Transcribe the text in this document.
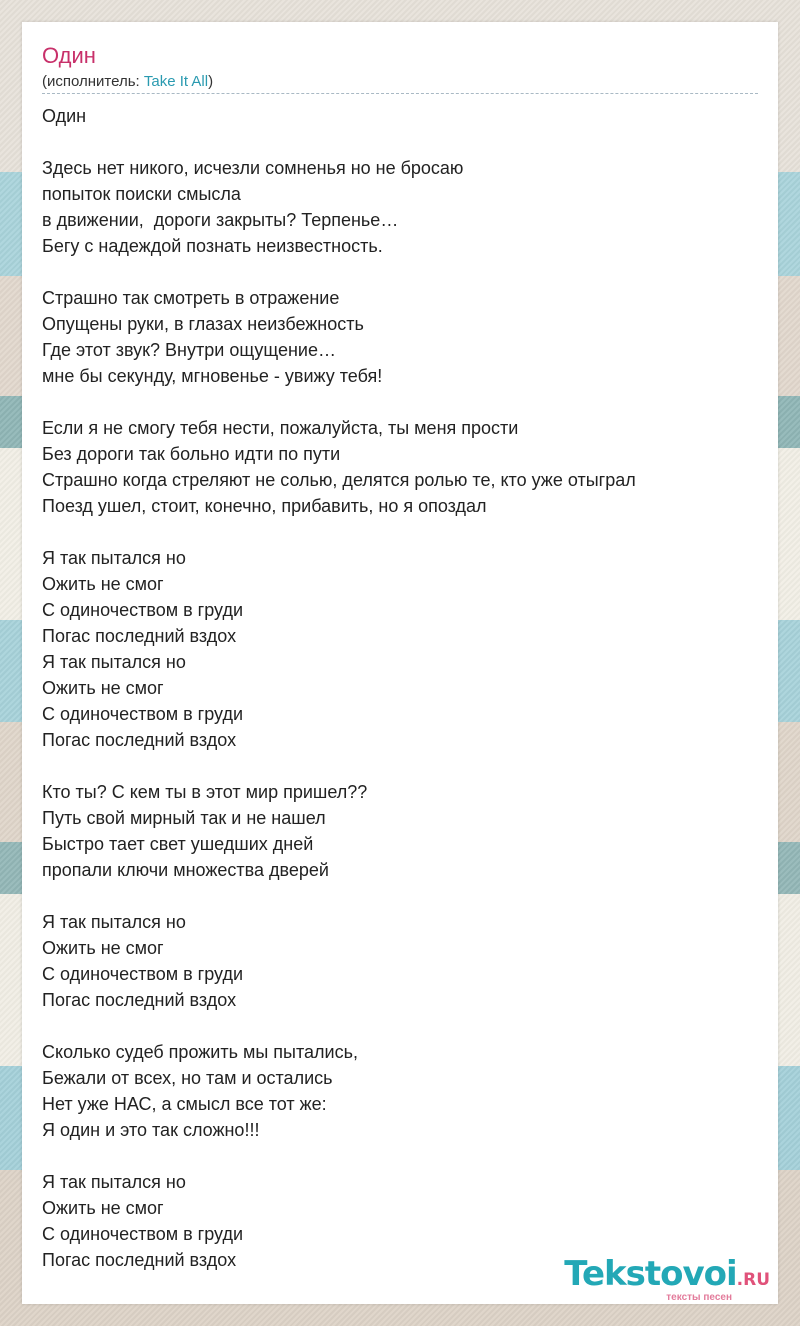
Один
(исполнитель: Take It All)
Один
Здесь нет никого, исчезли сомненья но не бросаю
попыток поиски смысла
в движении,  дороги закрыты? Терпенье…
Бегу с надеждой познать неизвестность.
Страшно так смотреть в отражение
Опущены руки, в глазах неизбежность
Где этот звук? Внутри ощущение…
мне бы секунду, мгновенье - увижу тебя!
Если я не смогу тебя нести, пожалуйста, ты меня прости
Без дороги так больно идти по пути
Страшно когда стреляют не солью, делятся ролью те, кто уже отыграл
Поезд ушел, стоит, конечно, прибавить, но я опоздал
Я так пытался но
Ожить не смог
С одиночеством в груди
Погас последний вздох
Я так пытался но
Ожить не смог
С одиночеством в груди
Погас последний вздох
Кто ты? С кем ты в этот мир пришел??
Путь свой мирный так и не нашел
Быстро тает свет ушедших дней
пропали ключи множества дверей
Я так пытался но
Ожить не смог
С одиночеством в груди
Погас последний вздох
Сколько судеб прожить мы пытались,
Бежали от всех, но там и остались
Нет уже НАС, а смысл все тот же:
Я один и это так сложно!!!
Я так пытался но
Ожить не смог
С одиночеством в груди
Погас последний вздох	Tekstovoi.RU
тексты песен
